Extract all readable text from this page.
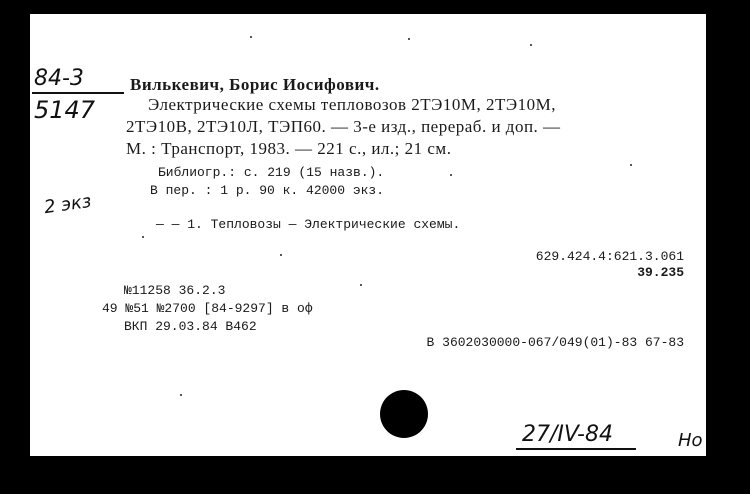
84-3
5147
Вилькевич, Борис Иосифович.
Электрические схемы тепловозов 2ТЭ10М, 2ТЭ10М,
2ТЭ10В, 2ТЭ10Л, ТЭП60. — 3-е изд., перераб. и доп. —
М. : Транспорт, 1983. — 221 с., ил.; 21 см.
Библиогр.: с. 219 (15 назв.).
В пер. : 1 р. 90 к. 42000 экз.
2 экз
— — 1. Тепловозы — Электрические схемы.
629.424.4:621.3.061
39.235
№11258 36.2.3
49 №51 №2700 [84-9297] в оф
ВКП 29.03.84 В462
В 3602030000-067/049(01)-83 67-83
27/IV-84	Но
